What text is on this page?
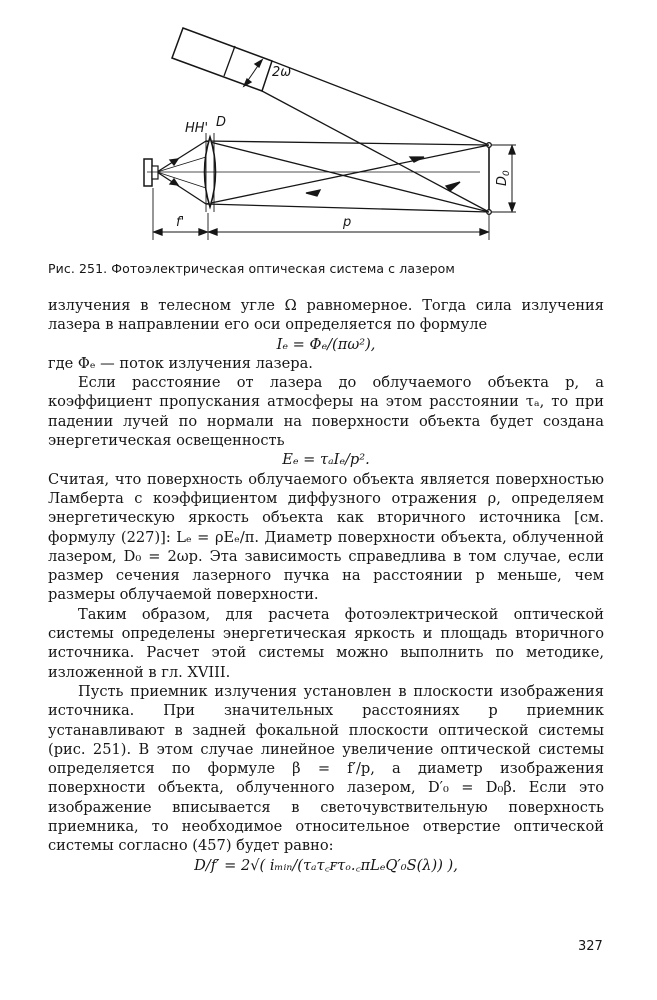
2ω
HH' D
f'	p
$D_0$
Рис. 251. Фотоэлектрическая оптическая система с лазером

излучения в телесном угле Ω равномерное. Тогда сила излучения лазера в направлении его оси определяется по формуле

Iₑ = Φₑ/(πω²),

где Φₑ — поток излучения лазера.

Если расстояние от лазера до облучаемого объекта p, а коэффициент пропускания атмосферы на этом расстоянии τₐ, то при падении лучей по нормали на поверхности объекта будет создана энергетическая освещенность

Eₑ = τₐIₑ/p².

Считая, что поверхность облучаемого объекта является поверхностью Ламберта с коэффициентом диффузного отражения ρ, определяем энергетическую яркость объекта как вторичного источника [см. формулу (227)]: Lₑ = ρEₑ/π. Диаметр поверхности объекта, облученной лазером, D₀ = 2ωp. Эта зависимость справедлива в том случае, если размер сечения лазерного пучка на расстоянии p меньше, чем размеры облучаемой поверхности.

Таким образом, для расчета фотоэлектрической оптической системы определены энергетическая яркость и площадь вторичного источника. Расчет этой системы можно выполнить по методике, изложенной в гл. XVIII.

Пусть приемник излучения установлен в плоскости изображения источника. При значительных расстояниях p приемник устанавливают в задней фокальной плоскости оптической системы (рис. 251). В этом случае линейное увеличение оптической системы определяется по формуле β = f′/p, а диаметр изображения поверхности объекта, облученного лазером, D′₀ = D₀β. Если это изображение вписывается в светочувствительную поверхность приемника, то необходимое относительное отверстие оптической системы согласно (457) будет равно:

D/f′ = 2√( iₘᵢₙ/(τₐτ꜀ꜰτₒ.꜀πLₑQ′₀S(λ)) ),

327
